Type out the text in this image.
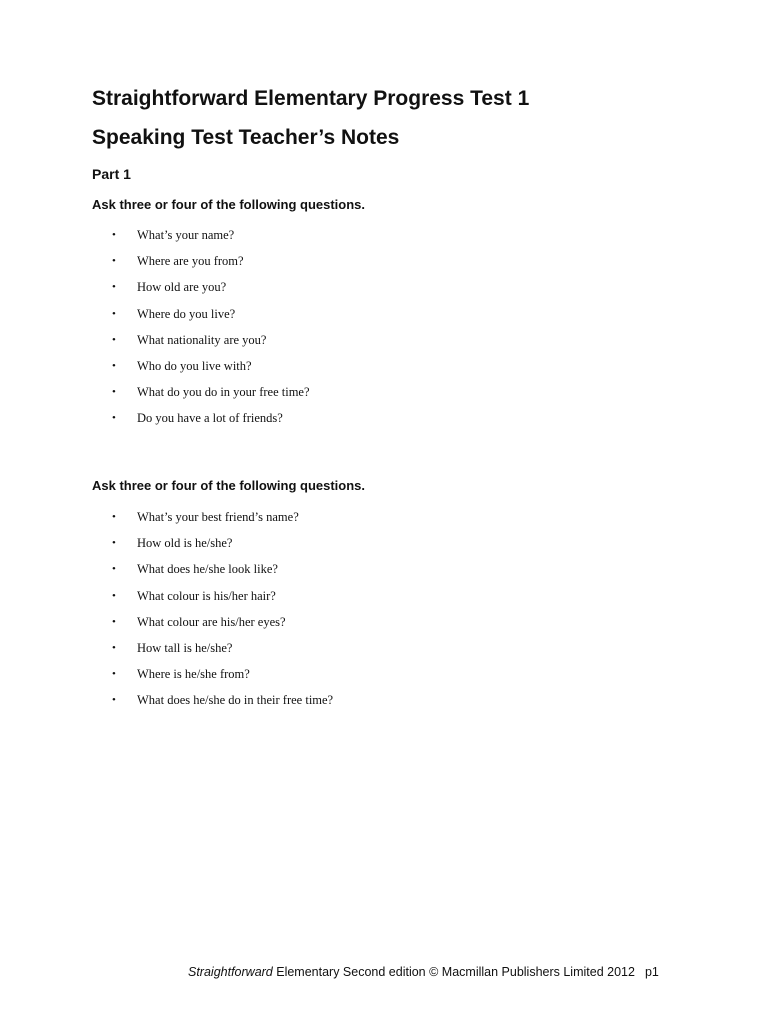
Straightforward Elementary Progress Test 1
Speaking Test Teacher’s Notes

Part 1

Ask three or four of the following questions.

•	What’s your name?
•	Where are you from?
•	How old are you?
•	Where do you live?
•	What nationality are you?
•	Who do you live with?
•	What do you do in your free time?
•	Do you have a lot of friends?

Ask three or four of the following questions.

•	What’s your best friend’s name?
•	How old is he/she?
•	What does he/she look like?
•	What colour is his/her hair?
•	What colour are his/her eyes?
•	How tall is he/she?
•	Where is he/she from?
•	What does he/she do in their free time?
Straightforward Elementary Second edition © Macmillan Publishers Limited 2012 p1
